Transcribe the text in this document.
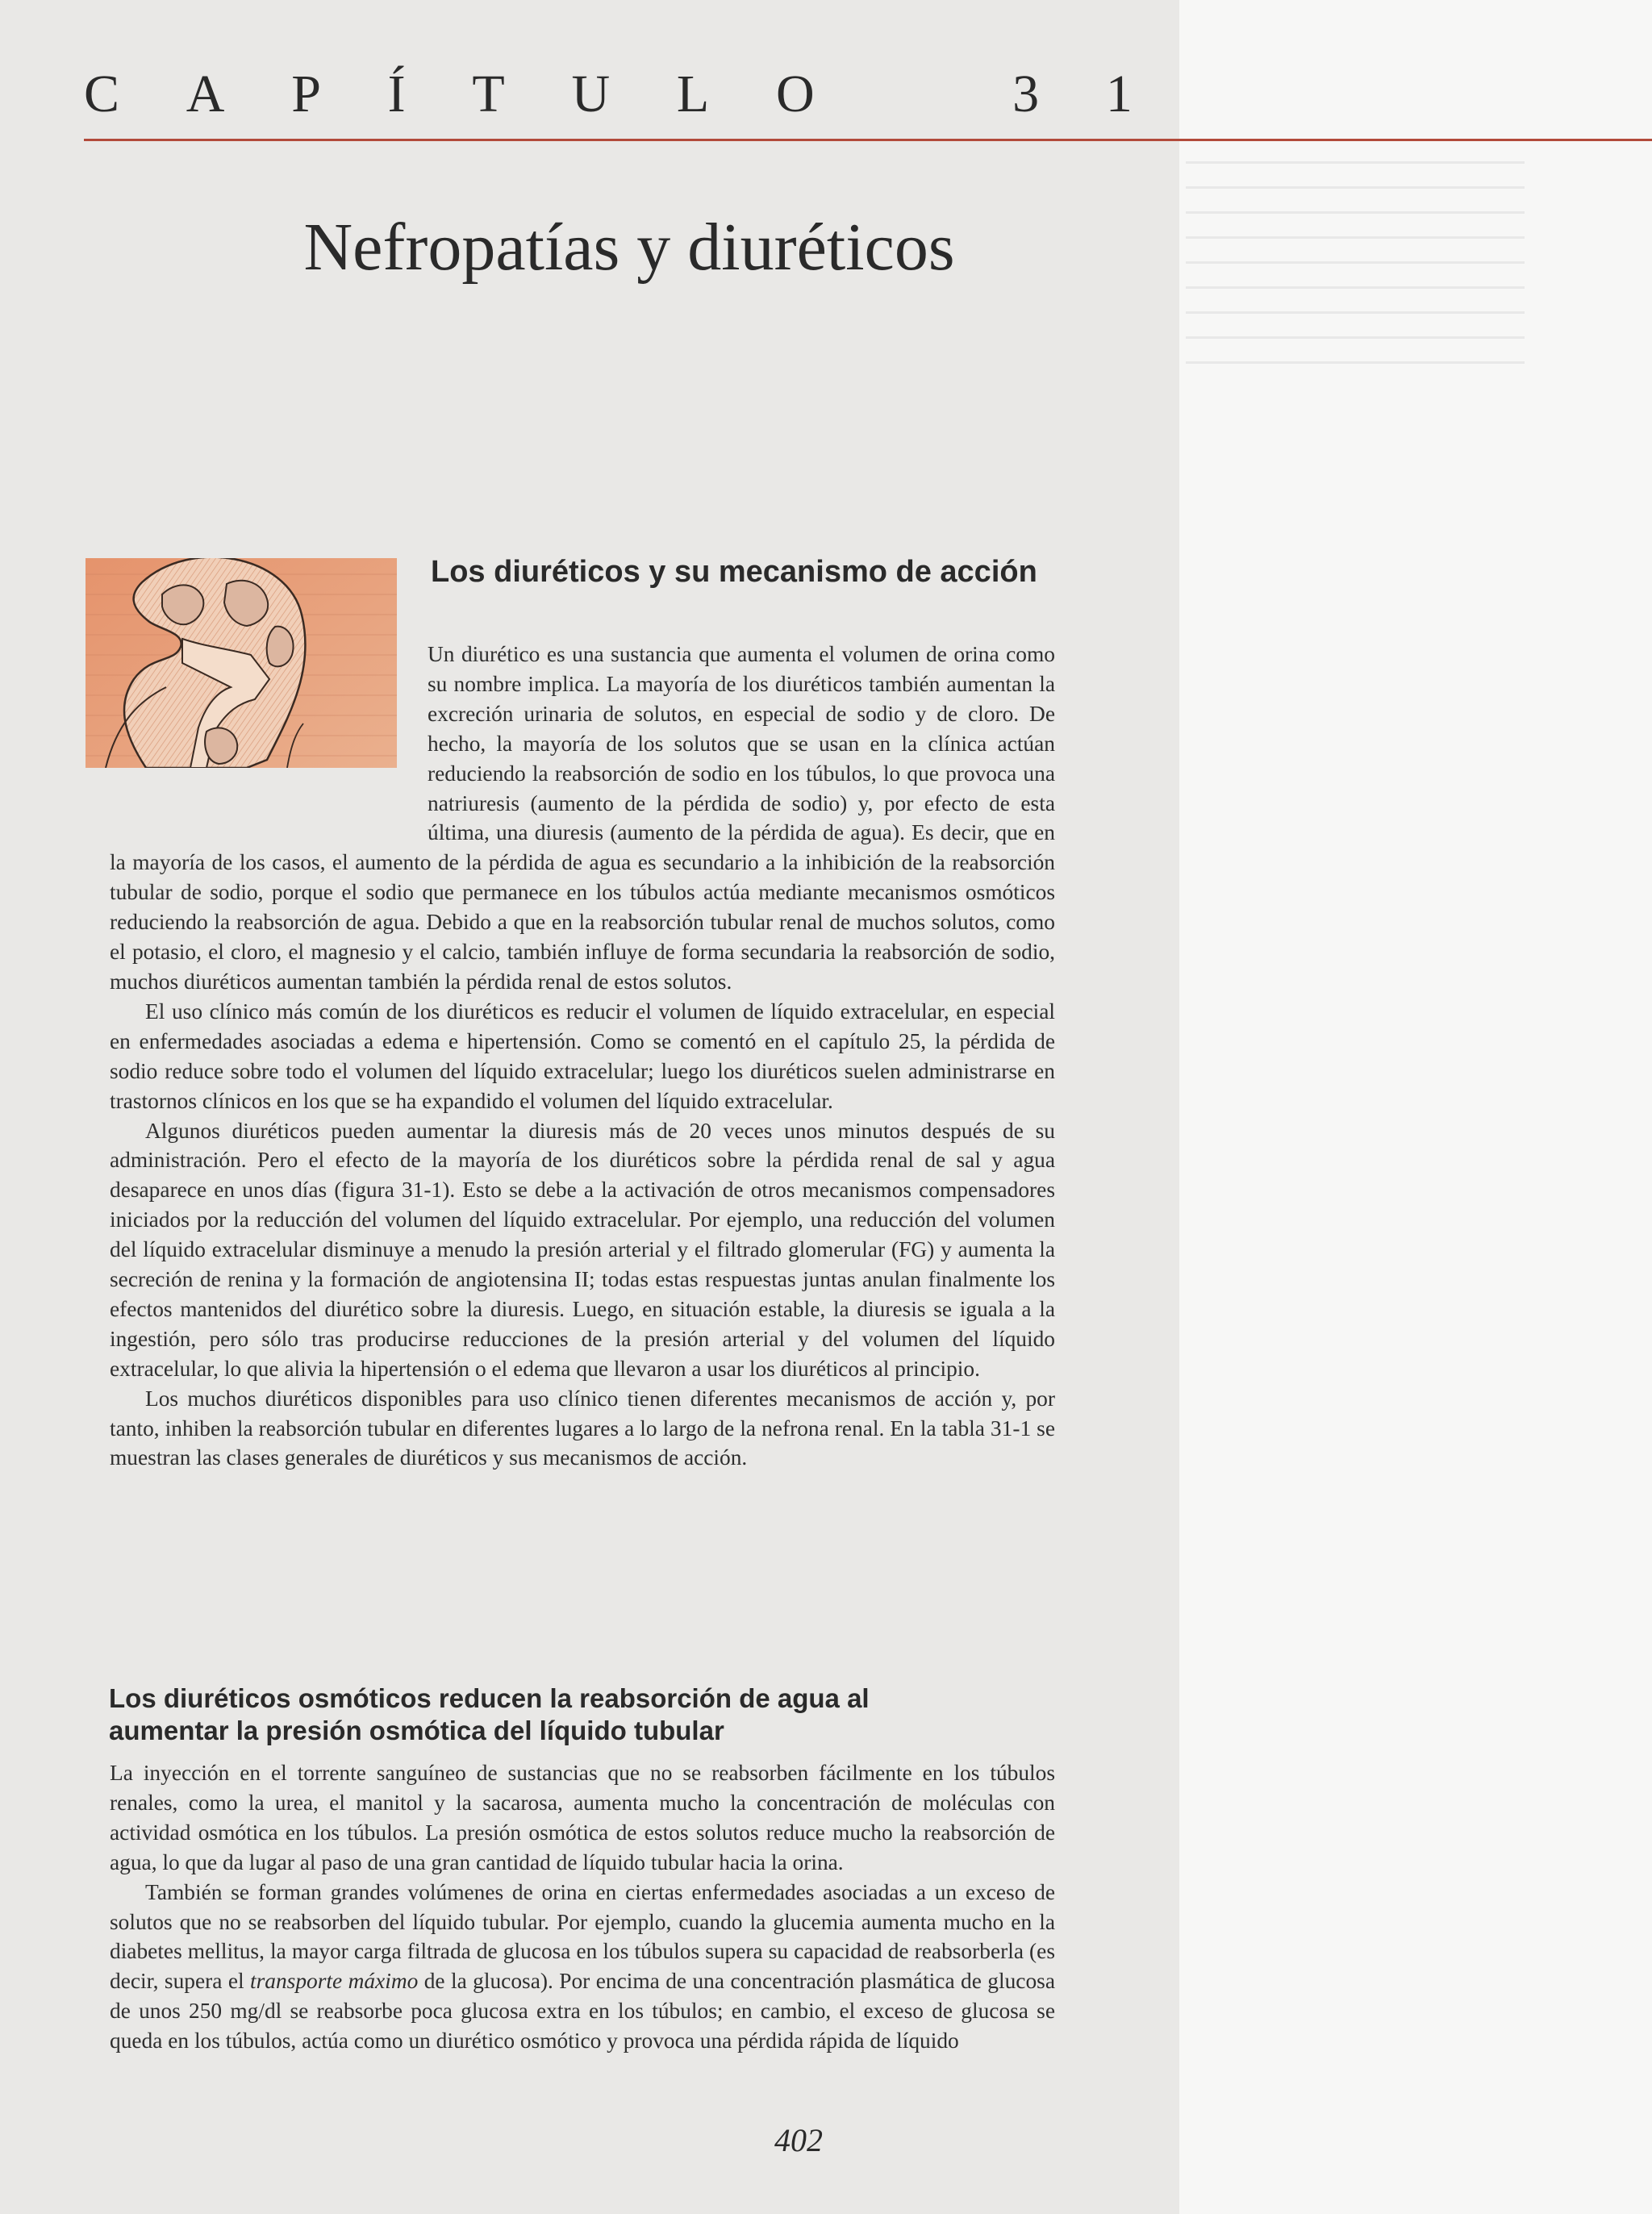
C A P Í T U L O	3 1
Nefropatías y diuréticos
Los diuréticos y su mecanismo de acción

Un diurético es una sustancia que aumenta el volumen de orina como su nombre implica. La mayoría de los diuréticos también aumentan la excreción urinaria de solutos, en especial de sodio y de cloro. De hecho, la mayoría de los solutos que se usan en la clínica actúan reduciendo la reabsorción de sodio en los túbulos, lo que provoca una natriuresis (aumento de la pérdida de sodio) y, por efecto de esta última, una diuresis (aumento de la pérdida de agua). Es decir, que en la mayoría de los casos, el aumento de la pérdida de agua es secundario a la inhibición de la reabsorción tubular de sodio, porque el sodio que permanece en los túbulos actúa mediante mecanismos osmóticos reduciendo la reabsorción de agua. Debido a que en la reabsorción tubular renal de muchos solutos, como el potasio, el cloro, el magnesio y el calcio, también influye de forma secundaria la reabsorción de sodio, muchos diuréticos aumentan también la pérdida renal de estos solutos.

El uso clínico más común de los diuréticos es reducir el volumen de líquido extracelular, en especial en enfermedades asociadas a edema e hipertensión. Como se comentó en el capítulo 25, la pérdida de sodio reduce sobre todo el volumen del líquido extracelular; luego los diuréticos suelen administrarse en trastornos clínicos en los que se ha expandido el volumen del líquido extracelular.

Algunos diuréticos pueden aumentar la diuresis más de 20 veces unos minutos después de su administración. Pero el efecto de la mayoría de los diuréticos sobre la pérdida renal de sal y agua desaparece en unos días (figura 31-1). Esto se debe a la activación de otros mecanismos compensadores iniciados por la reducción del volumen del líquido extracelular. Por ejemplo, una reducción del volumen del líquido extracelular disminuye a menudo la presión arterial y el filtrado glomerular (FG) y aumenta la secreción de renina y la formación de angiotensina II; todas estas respuestas juntas anulan finalmente los efectos mantenidos del diurético sobre la diuresis. Luego, en situación estable, la diuresis se iguala a la ingestión, pero sólo tras producirse reducciones de la presión arterial y del volumen del líquido extracelular, lo que alivia la hipertensión o el edema que llevaron a usar los diuréticos al principio.

Los muchos diuréticos disponibles para uso clínico tienen diferentes mecanismos de acción y, por tanto, inhiben la reabsorción tubular en diferentes lugares a lo largo de la nefrona renal. En la tabla 31-1 se muestran las clases generales de diuréticos y sus mecanismos de acción.

Los diuréticos osmóticos reducen la reabsorción de agua al aumentar la presión osmótica del líquido tubular

La inyección en el torrente sanguíneo de sustancias que no se reabsorben fácilmente en los túbulos renales, como la urea, el manitol y la sacarosa, aumenta mucho la concentración de moléculas con actividad osmótica en los túbulos. La presión osmótica de estos solutos reduce mucho la reabsorción de agua, lo que da lugar al paso de una gran cantidad de líquido tubular hacia la orina.

También se forman grandes volúmenes de orina en ciertas enfermedades asociadas a un exceso de solutos que no se reabsorben del líquido tubular. Por ejemplo, cuando la glucemia aumenta mucho en la diabetes mellitus, la mayor carga filtrada de glucosa en los túbulos supera su capacidad de reabsorberla (es decir, supera el transporte máximo de la glucosa). Por encima de una concentración plasmática de glucosa de unos 250 mg/dl se reabsorbe poca glucosa extra en los túbulos; en cambio, el exceso de glucosa se queda en los túbulos, actúa como un diurético osmótico y provoca una pérdida rápida de líquido

402
